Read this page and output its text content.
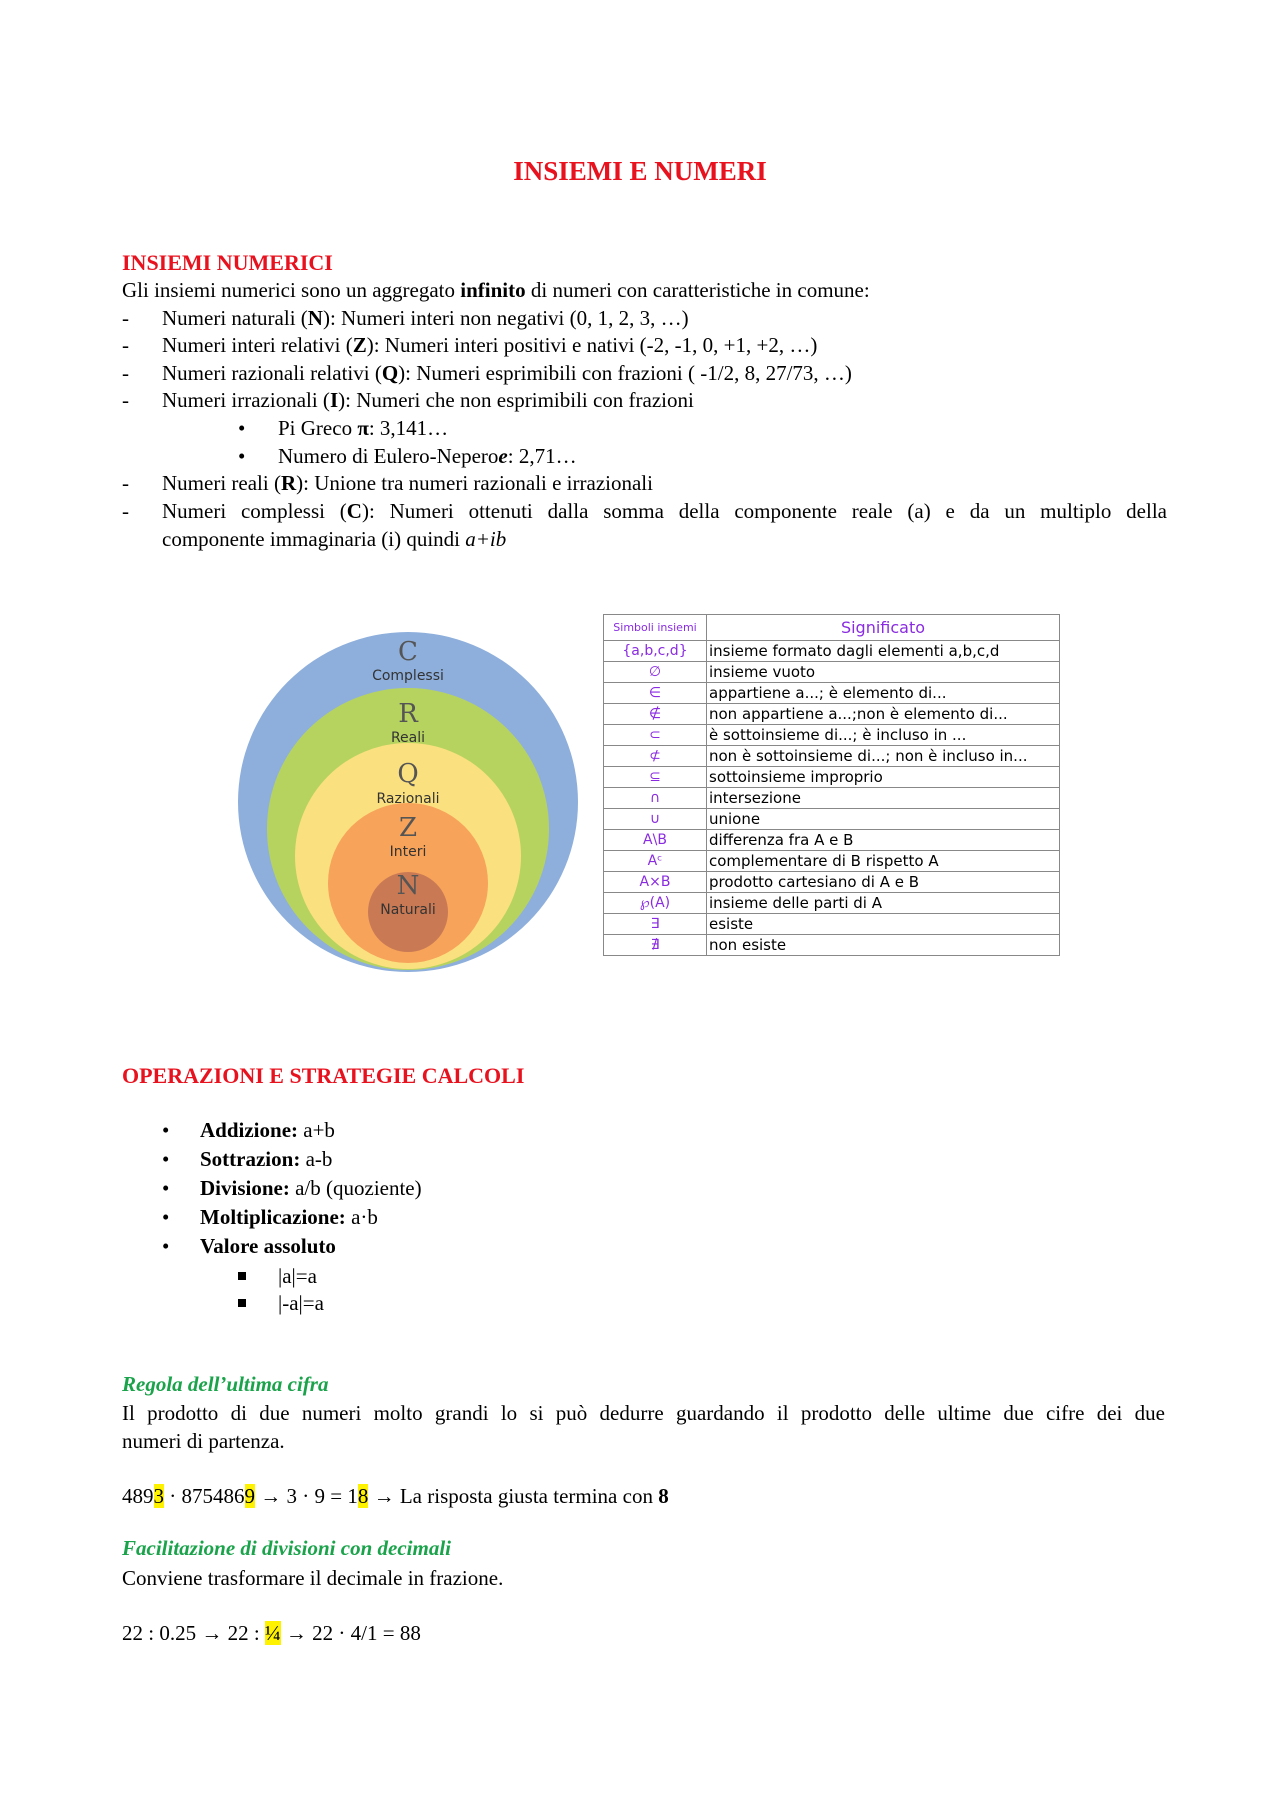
INSIEMI E NUMERI
INSIEMI NUMERICI
Gli insiemi numerici sono un aggregato infinito di numeri con caratteristiche in comune:
- Numeri naturali (N): Numeri interi non negativi (0, 1, 2, 3, …)
- Numeri interi relativi (Z): Numeri interi positivi e nativi (-2, -1, 0, +1, +2, …)
- Numeri razionali relativi (Q): Numeri esprimibili con frazioni ( -1/2, 8, 27/73, …)
- Numeri irrazionali (I): Numeri che non esprimibili con frazioni
• Pi Greco π: 3,141…
• Numero di Eulero-Neperoe: 2,71…
- Numeri reali (R): Unione tra numeri razionali e irrazionali
- Numeri complessi (C): Numeri ottenuti dalla somma della componente reale (a) e da un multiplo della
componente immaginaria (i) quindi a+ib
C
Complessi
R
Reali
Q
Razionali
Z
Interi
N
Naturali
Simboli insiemi	Significato
{a,b,c,d}	insieme formato dagli elementi a,b,c,d
∅	insieme vuoto
∈	appartiene a...; è elemento di...
∉	non appartiene a...;non è elemento di...
⊂	è sottoinsieme di...; è incluso in ...
⊄	non è sottoinsieme di...; non è incluso in...
⊆	sottoinsieme improprio
∩	intersezione
∪	unione
A\B	differenza fra A e B
Aᶜ	complementare di B rispetto A
A×B	prodotto cartesiano di A e B
℘(A)	insieme delle parti di A
∃	esiste
∄	non esiste
OPERAZIONI E STRATEGIE CALCOLI
• Addizione: a+b
• Sottrazion: a-b
• Divisione: a/b (quoziente)
• Moltiplicazione: a·b
• Valore assoluto
|a|=a
|-a|=a
Regola dell’ultima cifra
Il prodotto di due numeri molto grandi lo si può dedurre guardando il prodotto delle ultime due cifre dei due
numeri di partenza.
4893 · 8754869 → 3 · 9 = 18 → La risposta giusta termina con 8
Facilitazione di divisioni con decimali
Conviene trasformare il decimale in frazione.
22 : 0.25 → 22 : ¼ → 22 · 4/1 = 88
